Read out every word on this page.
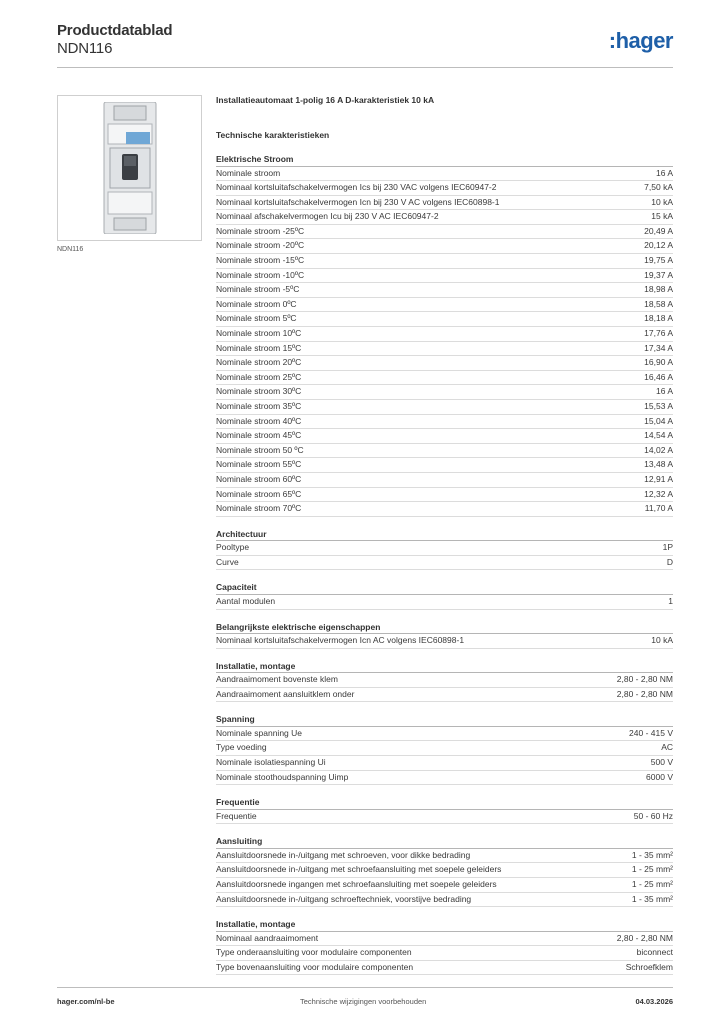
Productdatablad
NDN116	:hager
NDN116
Installatieautomaat 1-polig 16 A D-karakteristiek 10 kA
Technische karakteristieken
Elektrische Stroom
Nominale stroom	16 A
Nominaal kortsluitafschakelvermogen Ics bij 230 VAC volgens IEC60947-2	7,50 kA
Nominaal kortsluitafschakelvermogen Icn bij 230 V AC volgens IEC60898-1	10 kA
Nominaal afschakelvermogen Icu bij 230 V AC IEC60947-2	15 kA
Nominale stroom -25ºC	20,49 A
Nominale stroom -20ºC	20,12 A
Nominale stroom -15ºC	19,75 A
Nominale stroom -10ºC	19,37 A
Nominale stroom -5ºC	18,98 A
Nominale stroom 0ºC	18,58 A
Nominale stroom 5ºC	18,18 A
Nominale stroom 10ºC	17,76 A
Nominale stroom 15ºC	17,34 A
Nominale stroom 20ºC	16,90 A
Nominale stroom 25ºC	16,46 A
Nominale stroom 30ºC	16 A
Nominale stroom 35ºC	15,53 A
Nominale stroom 40ºC	15,04 A
Nominale stroom 45ºC	14,54 A
Nominale stroom 50 ºC	14,02 A
Nominale stroom 55ºC	13,48 A
Nominale stroom 60ºC	12,91 A
Nominale stroom 65ºC	12,32 A
Nominale stroom 70ºC	11,70 A
Architectuur
Pooltype	1P
Curve	D
Capaciteit
Aantal modulen	1
Belangrijkste elektrische eigenschappen
Nominaal kortsluitafschakelvermogen Icn AC volgens IEC60898-1	10 kA
Installatie, montage
Aandraaimoment bovenste klem	2,80 - 2,80 NM
Aandraaimoment aansluitklem onder	2,80 - 2,80 NM
Spanning
Nominale spanning Ue	240 - 415 V
Type voeding	AC
Nominale isolatiespanning Ui	500 V
Nominale stoothoudspanning Uimp	6000 V
Frequentie
Frequentie	50 - 60 Hz
Aansluiting
Aansluitdoorsnede in-/uitgang met schroeven, voor dikke bedrading	1 - 35 mm²
Aansluitdoorsnede in-/uitgang met schroefaansluiting met soepele geleiders	1 - 25 mm²
Aansluitdoorsnede ingangen met schroefaansluiting met soepele geleiders	1 - 25 mm²
Aansluitdoorsnede in-/uitgang schroeftechniek, voorstijve bedrading	1 - 35 mm²
Installatie, montage
Nominaal aandraaimoment	2,80 - 2,80 NM
Type onderaansluiting voor modulaire componenten	biconnect
Type bovenaansluiting voor modulaire componenten	Schroefklem
hager.com/nl-be	Technische wijzigingen voorbehouden	04.03.2026
